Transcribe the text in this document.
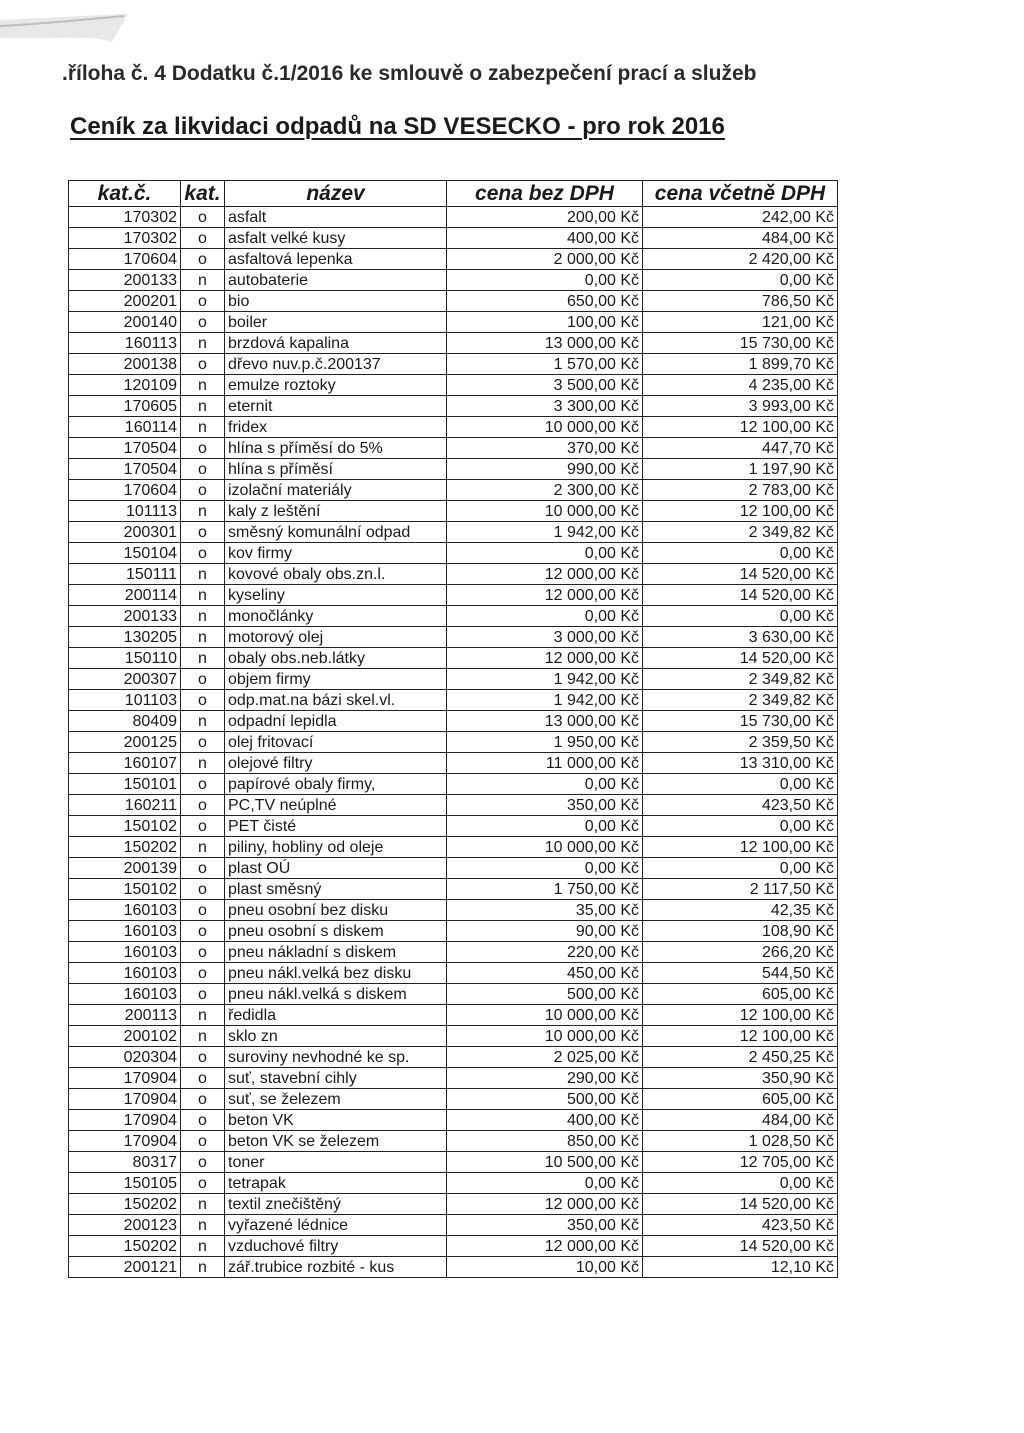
.říloha č. 4 Dodatku č.1/2016 ke smlouvě o zabezpečení prací a služeb
Ceník za likvidaci odpadů na SD VESECKO - pro rok 2016
kat.č.	kat.	název	cena bez DPH	cena včetně DPH
170302	o	asfalt	200,00 Kč	242,00 Kč
170302	o	asfalt velké kusy	400,00 Kč	484,00 Kč
170604	o	asfaltová lepenka	2 000,00 Kč	2 420,00 Kč
200133	n	autobaterie	0,00 Kč	0,00 Kč
200201	o	bio	650,00 Kč	786,50 Kč
200140	o	boiler	100,00 Kč	121,00 Kč
160113	n	brzdová kapalina	13 000,00 Kč	15 730,00 Kč
200138	o	dřevo nuv.p.č.200137	1 570,00 Kč	1 899,70 Kč
120109	n	emulze roztoky	3 500,00 Kč	4 235,00 Kč
170605	n	eternit	3 300,00 Kč	3 993,00 Kč
160114	n	fridex	10 000,00 Kč	12 100,00 Kč
170504	o	hlína s příměsí do 5%	370,00 Kč	447,70 Kč
170504	o	hlína s příměsí	990,00 Kč	1 197,90 Kč
170604	o	izolační materiály	2 300,00 Kč	2 783,00 Kč
101113	n	kaly z leštění	10 000,00 Kč	12 100,00 Kč
200301	o	směsný komunální odpad	1 942,00 Kč	2 349,82 Kč
150104	o	kov firmy	0,00 Kč	0,00 Kč
150111	n	kovové obaly obs.zn.l.	12 000,00 Kč	14 520,00 Kč
200114	n	kyseliny	12 000,00 Kč	14 520,00 Kč
200133	n	monočlánky	0,00 Kč	0,00 Kč
130205	n	motorový olej	3 000,00 Kč	3 630,00 Kč
150110	n	obaly obs.neb.látky	12 000,00 Kč	14 520,00 Kč
200307	o	objem firmy	1 942,00 Kč	2 349,82 Kč
101103	o	odp.mat.na bázi skel.vl.	1 942,00 Kč	2 349,82 Kč
80409	n	odpadní lepidla	13 000,00 Kč	15 730,00 Kč
200125	o	olej fritovací	1 950,00 Kč	2 359,50 Kč
160107	n	olejové filtry	11 000,00 Kč	13 310,00 Kč
150101	o	papírové obaly firmy,	0,00 Kč	0,00 Kč
160211	o	PC,TV neúplné	350,00 Kč	423,50 Kč
150102	o	PET čisté	0,00 Kč	0,00 Kč
150202	n	piliny, hobliny od oleje	10 000,00 Kč	12 100,00 Kč
200139	o	plast OÚ	0,00 Kč	0,00 Kč
150102	o	plast směsný	1 750,00 Kč	2 117,50 Kč
160103	o	pneu osobní bez disku	35,00 Kč	42,35 Kč
160103	o	pneu osobní s diskem	90,00 Kč	108,90 Kč
160103	o	pneu nákladní s diskem	220,00 Kč	266,20 Kč
160103	o	pneu nákl.velká bez disku	450,00 Kč	544,50 Kč
160103	o	pneu nákl.velká s diskem	500,00 Kč	605,00 Kč
200113	n	ředidla	10 000,00 Kč	12 100,00 Kč
200102	n	sklo zn	10 000,00 Kč	12 100,00 Kč
020304	o	suroviny nevhodné ke sp.	2 025,00 Kč	2 450,25 Kč
170904	o	suť, stavební cihly	290,00 Kč	350,90 Kč
170904	o	suť, se železem	500,00 Kč	605,00 Kč
170904	o	beton VK	400,00 Kč	484,00 Kč
170904	o	beton VK se železem	850,00 Kč	1 028,50 Kč
80317	o	toner	10 500,00 Kč	12 705,00 Kč
150105	o	tetrapak	0,00 Kč	0,00 Kč
150202	n	textil znečištěný	12 000,00 Kč	14 520,00 Kč
200123	n	vyřazené lédnice	350,00 Kč	423,50 Kč
150202	n	vzduchové filtry	12 000,00 Kč	14 520,00 Kč
200121	n	zář.trubice rozbité - kus	10,00 Kč	12,10 Kč
